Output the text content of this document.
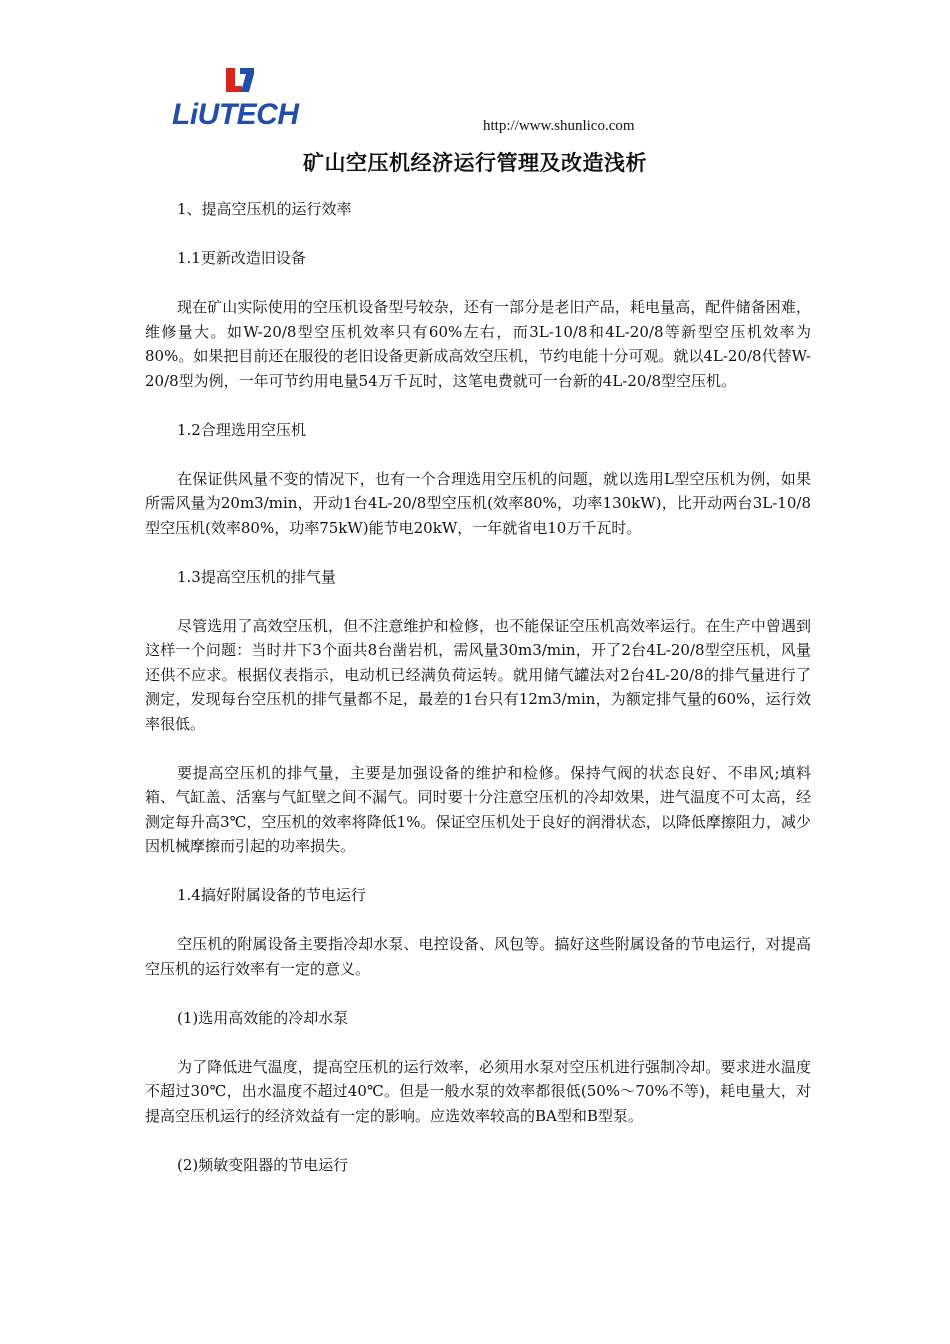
LiUTECH	http://www.shunlico.com
矿山空压机经济运行管理及改造浅析

1、提高空压机的运行效率

1.1更新改造旧设备

现在矿山实际使用的空压机设备型号较杂，还有一部分是老旧产品，耗电量高，配件储备困难，维修量大。如W-20/8型空压机效率只有60%左右，而3L-10/8和4L-20/8等新型空压机效率为80%。如果把目前还在服役的老旧设备更新成高效空压机，节约电能十分可观。就以4L-20/8代替W-20/8型为例，一年可节约用电量54万千瓦时，这笔电费就可一台新的4L-20/8型空压机。

1.2合理选用空压机

在保证供风量不变的情况下，也有一个合理选用空压机的问题，就以选用L型空压机为例，如果所需风量为20m3/min，开动1台4L-20/8型空压机(效率80%，功率130kW)，比开动两台3L-10/8型空压机(效率80%，功率75kW)能节电20kW，一年就省电10万千瓦时。

1.3提高空压机的排气量

尽管选用了高效空压机，但不注意维护和检修，也不能保证空压机高效率运行。在生产中曾遇到这样一个问题：当时井下3个面共8台凿岩机，需风量30m3/min，开了2台4L-20/8型空压机，风量还供不应求。根据仪表指示，电动机已经满负荷运转。就用储气罐法对2台4L-20/8的排气量进行了测定，发现每台空压机的排气量都不足，最差的1台只有12m3/min，为额定排气量的60%，运行效率很低。

要提高空压机的排气量，主要是加强设备的维护和检修。保持气阀的状态良好、不串风;填料箱、气缸盖、活塞与气缸壁之间不漏气。同时要十分注意空压机的冷却效果，进气温度不可太高，经测定每升高3℃，空压机的效率将降低1%。保证空压机处于良好的润滑状态，以降低摩擦阻力，减少因机械摩擦而引起的功率损失。

1.4搞好附属设备的节电运行

空压机的附属设备主要指冷却水泵、电控设备、风包等。搞好这些附属设备的节电运行，对提高空压机的运行效率有一定的意义。

(1)选用高效能的冷却水泵

为了降低进气温度，提高空压机的运行效率，必须用水泵对空压机进行强制冷却。要求进水温度不超过30℃，出水温度不超过40℃。但是一般水泵的效率都很低(50%～70%不等)，耗电量大，对提高空压机运行的经济效益有一定的影响。应选效率较高的BA型和B型泵。

(2)频敏变阻器的节电运行
